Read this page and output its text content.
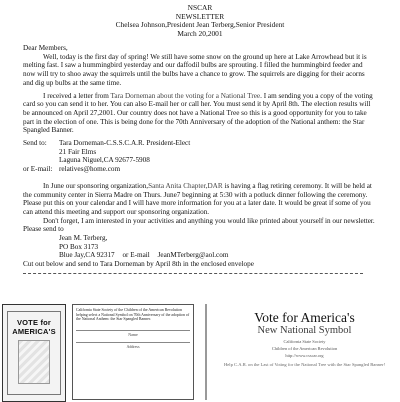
NSCAR
NEWSLETTER
Chelsea Johnson,President Jean Terberg,Senior President
March 20,2001

Dear Members,

Well, today is the first day of spring! We still have some snow on the ground up here at Lake Arrowhead but it is melting fast. I saw a hummingbird yesterday and our daffodil bulbs are sprouting. I filled the hummingbird feeder and now will try to shoo away the squirrels until the bulbs have a chance to grow. The squirrels are digging for their acorns and dig up bulbs at the same time.

I received a letter from Tara Dorneman about the voting for a National Tree. I am sending you a copy of the voting card so you can send it to her. You can also E-mail her or call her. You must send it by April 8th. The election results will be announced on April 27,2001. Our country does not have a National Tree so this is a good opportunity for you to take part in the election of one. This is being done for the 70th Anniversary of the adoption of the National anthem: the Star Spangled Banner.

Send to:	Tara Dorneman-C.S.S.C.A.R. President-Elect
21 Fair Elms
Laguna Niguel,CA 92677-5908
or E-mail: relatives@home.com

In June our sponsoring organization,Santa Anita Chapter,DAR is having a flag retiring ceremony. It will be held at the community center in Sierra Madre on Thurs. June7 beginning at 5:30 with a potluck dinner following the ceremony. Please put this on your calendar and I will have more information for you at a later date. It would be great if some of you can attend this meeting and support our sponsoring organization.

Don't forget, I am interested in your activities and anything you would like printed about yourself in our newsletter. Please send to

Jean M. Terberg,
PO Box 3173
Blue Jay,CA 92317 or E-mail JeanMTerberg@aol.com

Cut out below and send to Tara Dorneman by April 8th in the enclosed envelope

VOTE for AMERICA'S
California State Society of the Children of the American Revolution helping select a National Symbol on 70th Anniversary of the adoption of the National Anthem: the Star Spangled Banner.
Name
Address
Vote for America's
New National Symbol
California State Society
Children of the American Revolution
http://www.csscar.org
Help C.A.R. on the Last of Voting for the National Tree with the Star Spangled Banner!
